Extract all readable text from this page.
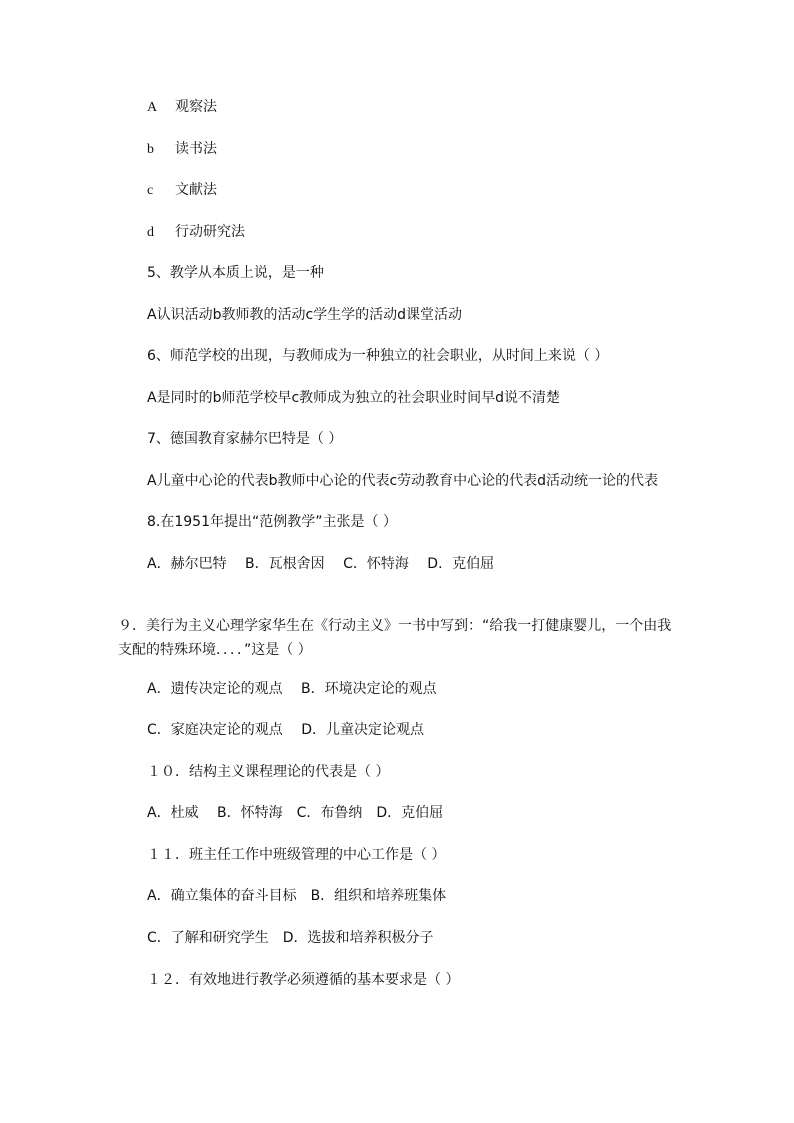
A 观察法
b 读书法
c 文献法
d 行动研究法
5、教学从本质上说，是一种
A认识活动b教师教的活动c学生学的活动d课堂活动
6、师范学校的出现，与教师成为一种独立的社会职业，从时间上来说（ ）
A是同时的b师范学校早c教师成为独立的社会职业时间早d说不清楚
7、德国教育家赫尔巴特是（ ）
A儿童中心论的代表b教师中心论的代表c劳动教育中心论的代表d活动统一论的代表
8.在1951年提出“范例教学”主张是（ ）
A．赫尔巴特　 B．瓦根舍因　 C．怀特海　 D．克伯屈
９．美行为主义心理学家华生在《行动主义》一书中写到：“给我一打健康婴儿，一个由我支配的特殊环境．．．．”这是（ ）
A．遗传决定论的观点　 B．环境决定论的观点
C．家庭决定论的观点　 D．儿童决定论观点
１０．结构主义课程理论的代表是（ ）
A．杜威　 B．怀特海　C．布鲁纳　D．克伯屈
１１．班主任工作中班级管理的中心工作是（ ）
A．确立集体的奋斗目标　B．组织和培养班集体
C．了解和研究学生　D．选拔和培养积极分子
１２．有效地进行教学必须遵循的基本要求是（ ）
